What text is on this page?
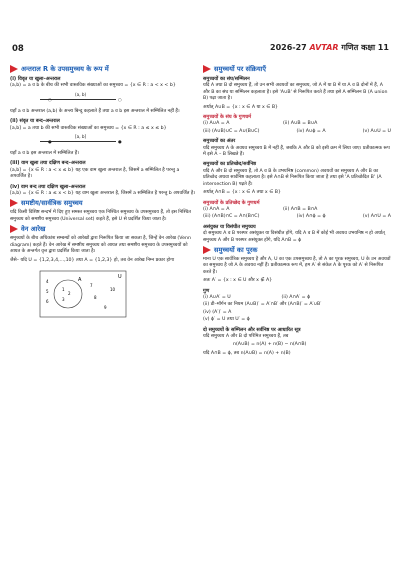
08	2026-27 AVTAR गणित कक्षा 11
अन्तराल R के उपसमुच्चय के रूप में
(i) विवृत या खुला–अन्तराल
(a,b) = a व b के बीच की सभी वास्तविक संख्याओं का समुच्चय = {x ∈ R : a < x < b}
(a, b)
○	○
यहाँ a व b अन्तराल (a,b) के अन्त्य बिन्दु कहलाते हैं तथा a व b इस अन्तराल में सम्मिलित नहीं हैं।
(ii) संवृत या बन्द–अन्तराल
[a,b] = a तथा b की सभी वास्तविक संख्याओं का समुच्चय = {x ∈ R : a ≤ x ≤ b}
[a, b]
●	●
यहाँ a व b इस अन्तराल में सम्मिलित हैं।
(iii) वाम खुला तथा दक्षिण बन्द–अन्तराल
(a,b] = {x ∈ R : a < x ≤ b} यह एक वाम खुला अन्तराल है, जिसमें a सम्मिलित है परन्तु a अपवर्जित है।
(iv) वाम बन्द तथा दक्षिण खुला–अन्तराल
[a,b) = {x ∈ R : a ≤ x < b} यह वाम खुला अन्तराल है, जिसमें a सम्मिलित है परन्तु b अपवर्जित है।
समष्टीय/सार्वत्रिक समुच्चय
यदि किसी विशिष्ट सन्दर्भ में दिए हुए समस्त समुच्चय एक निश्चित समुच्चय के उपसमुच्चय हैं, तो इस निश्चित समुच्चय को समष्टीय समुच्चय (Universal set) कहते हैं, इसे U से प्रदर्शित किया जाता है।
वेन आरेख
समुच्चयों के बीच अधिकांश सम्बन्धों को आरेखों द्वारा निरूपित किया जा सकता है, जिन्हें वेन आरेख (Venn diagram) कहते हैं। वेन आरेख में समष्टीय समुच्चय को आयत तथा समष्टीय समुच्चय के उपसमुच्चयों को आयत के अन्तर्गत वृत्त द्वारा प्रदर्शित किया जाता है।
जैसे– यदि U = {1,2,3,4,...,10} तथा A = {1,2,3} हो, तब वेन आरेख निम्न प्रकार होगा
U
A
1
2
3
4
5
6
7
8
9
10
समुच्चयों पर संक्रियाएँ
समुच्चयों का संघ/सम्मिलन
यदि A तथा B दो समुच्चय हैं, तो उन सभी अवयवों का समुच्चय, जो A में या B में या A व B दोनों में हैं, A और B का संघ या सम्मिलन कहलाता है। इसे 'A∪B' से निरूपित करते हैं तथा इसे A सम्मिलन B (A union B) पढ़ा जाता है।
अर्थात् A∪B = {x : x ∈ A या x ∈ B}
समुच्चयों के संघ के गुणधर्म
(i) A∪A = A	(ii) A∪B = B∪A
(iii) (A∪B)∪C = A∪(B∪C)	(iv) A∪ϕ = A	(v) A∪U = U
समुच्चयों का अंतर
यदि समुच्चय A के अवयव समुच्चय B में नहीं हैं, जबकि A और B को इसी क्रम में लिया जाए। प्रतीकात्मक रूप में इसे A – B लिखते हैं।
समुच्चयों का प्रतिच्छेद/सर्वनिष्ठ
यदि A और B दो समुच्चय हैं, तो A व B के उभयनिष्ठ (common) अवयवों का समुच्चय A और B का प्रतिच्छेद अथवा सार्वनिष्ठ कहलाता है। इसे A∩B से निरूपित किया जाता है तथा इसे 'A प्रतिच्छेदित B' (A intersection B) पढ़ते हैं।
अर्थात् A∩B = {x : x ∈ A तथा x ∈ B}
समुच्चयों के प्रतिच्छेद के गुणधर्म
(i) A∩A = A	(ii) A∩B = B∩A
(iii) (A∩B)∩C = A∩(B∩C)	(iv) A∩ϕ = ϕ	(v) A∩U = A
असंयुक्त या विसंघीत समुच्चय
दो समुच्चय A व B परस्पर असंयुक्त या विसंघीत होंगे, यदि A व B में कोई भी अवयव उभयनिष्ठ न हो अर्थात् समुच्चय A और B परस्पर असंयुक्त होंगे, यदि A∩B = ϕ
समुच्चयों का पूरक
माना U एक सार्वत्रिक समुच्चय है और A, U का एक उपसमुच्चय है, तो A का पूरक समुच्चय, U के उन अवयवों का समुच्चय है जो A के अवयव नहीं हैं। प्रतीकात्मक रूप में, हम A′ से संकेत A के पूरक को A′ से निरूपित करते हैं।
अतः A′ = {x : x ∈ U और x ∉ A}
गुण
(i) A∪A′ = U	(ii) A∩A′ = ϕ
(ii) डी–मॉर्गन का नियम (A∪B)′ = A′∩B′ और (A∩B)′ = A′∪B′
(iv) (A′)′ = A
(v) ϕ′ = U तथा U′ = ϕ
दो समुच्चयों के सम्मिलन और सर्वनिष्ठ पर आधारित सूत्र
यदि समुच्चय A और B दो परिमित समुच्चय हैं, तब
n(A∪B) = n(A) + n(B) − n(A∩B)
यदि A∩B = ϕ, तब n(A∪B) = n(A) + n(B)
